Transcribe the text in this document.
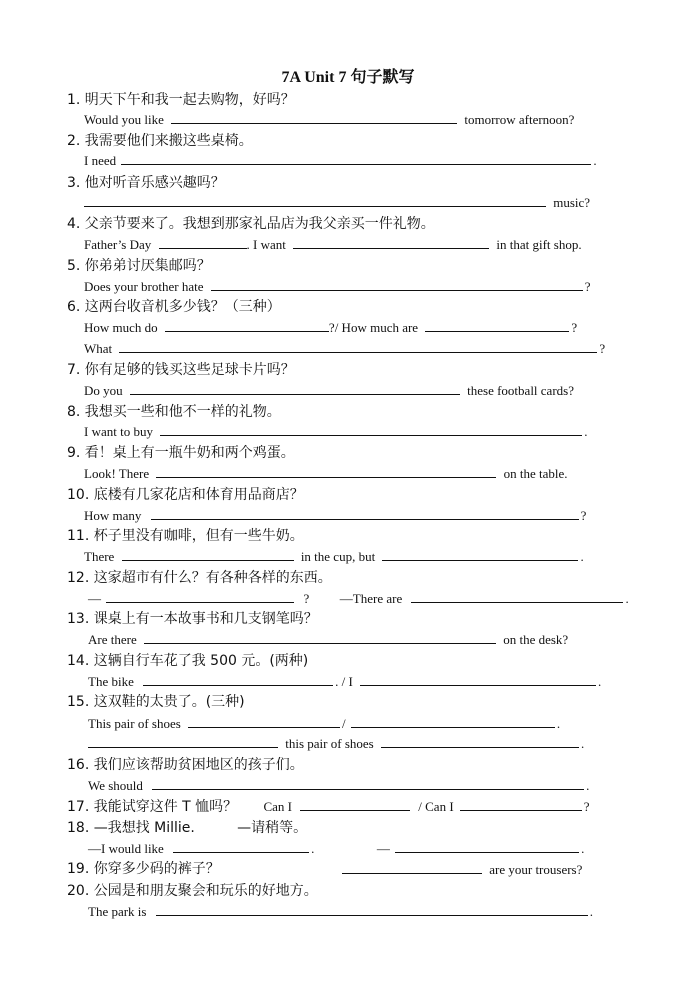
7A Unit 7 句子默写
1. 明天下午和我一起去购物，好吗？
Would you like	tomorrow afternoon?
2. 我需要他们来搬这些桌椅。
I need	.
3. 他对听音乐感兴趣吗？
music?
4. 父亲节要来了。我想到那家礼品店为我父亲买一件礼物。
Father’s Day	. I want	in that gift shop.
5. 你弟弟讨厌集邮吗？
Does your brother hate	?
6. 这两台收音机多少钱？（三种）
How much do	?/ How much are	?
What	?
7. 你有足够的钱买这些足球卡片吗？
Do you	these football cards?
8. 我想买一些和他不一样的礼物。
I want to buy	.
9. 看！桌上有一瓶牛奶和两个鸡蛋。
Look! There	on the table.
10. 底楼有几家花店和体育用品商店？
How many	?
11. 杯子里没有咖啡，但有一些牛奶。
There	in the cup, but	.
12. 这家超市有什么？有各种各样的东西。
—	? —There are	.
13. 课桌上有一本故事书和几支钢笔吗？
Are there	on the desk?
14. 这辆自行车花了我 500 元。(两种)
The bike	. / I	.
15. 这双鞋的太贵了。(三种)
This pair of shoes	/	.
this pair of shoes	.
16. 我们应该帮助贫困地区的孩子们。
We should	.
17. 我能试穿这件 T 恤吗？ Can I	/ Can I	?
18. —我想找 Millie.	—请稍等。
—I would like	.	—	.
19. 你穿多少码的裤子？	are your trousers?
20. 公园是和朋友聚会和玩乐的好地方。
The park is	.
